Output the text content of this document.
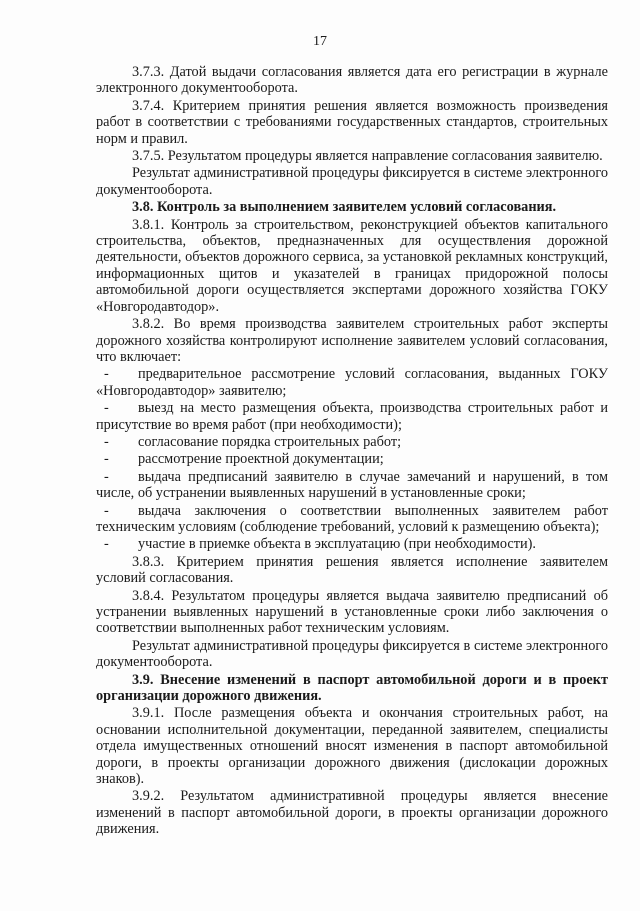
17

3.7.3. Датой выдачи согласования является дата его регистрации в журнале электронного документооборота.

3.7.4. Критерием принятия решения является возможность произведения работ в соответствии с требованиями государственных стандартов, строительных норм и правил.

3.7.5. Результатом процедуры является направление согласования заявителю.

Результат административной процедуры фиксируется в системе электронного документооборота.

3.8. Контроль за выполнением заявителем условий согласования.

3.8.1. Контроль за строительством, реконструкцией объектов капитального строительства, объектов, предназначенных для осуществления дорожной деятельности, объектов дорожного сервиса, за установкой рекламных конструкций, информационных щитов и указателей в границах придорожной полосы автомобильной дороги осуществляется экспертами дорожного хозяйства ГОКУ «Новгородавтодор».

3.8.2. Во время производства заявителем строительных работ эксперты дорожного хозяйства контролируют исполнение заявителем условий согласования, что включает:

- предварительное рассмотрение условий согласования, выданных ГОКУ «Новгородавтодор» заявителю;
- выезд на место размещения объекта, производства строительных работ и присутствие во время работ (при необходимости);
- согласование порядка строительных работ;
- рассмотрение проектной документации;
- выдача предписаний заявителю в случае замечаний и нарушений, в том числе, об устранении выявленных нарушений в установленные сроки;
- выдача заключения о соответствии выполненных заявителем работ техническим условиям (соблюдение требований, условий к размещению объекта);
- участие в приемке объекта в эксплуатацию (при необходимости).

3.8.3. Критерием принятия решения является исполнение заявителем условий согласования.

3.8.4. Результатом процедуры является выдача заявителю предписаний об устранении выявленных нарушений в установленные сроки либо заключения о соответствии выполненных работ техническим условиям.

Результат административной процедуры фиксируется в системе электронного документооборота.

3.9. Внесение изменений в паспорт автомобильной дороги и в проект организации дорожного движения.

3.9.1. После размещения объекта и окончания строительных работ, на основании исполнительной документации, переданной заявителем, специалисты отдела имущественных отношений вносят изменения в паспорт автомобильной дороги, в проекты организации дорожного движения (дислокации дорожных знаков).

3.9.2. Результатом административной процедуры является внесение изменений в паспорт автомобильной дороги, в проекты организации дорожного движения.
